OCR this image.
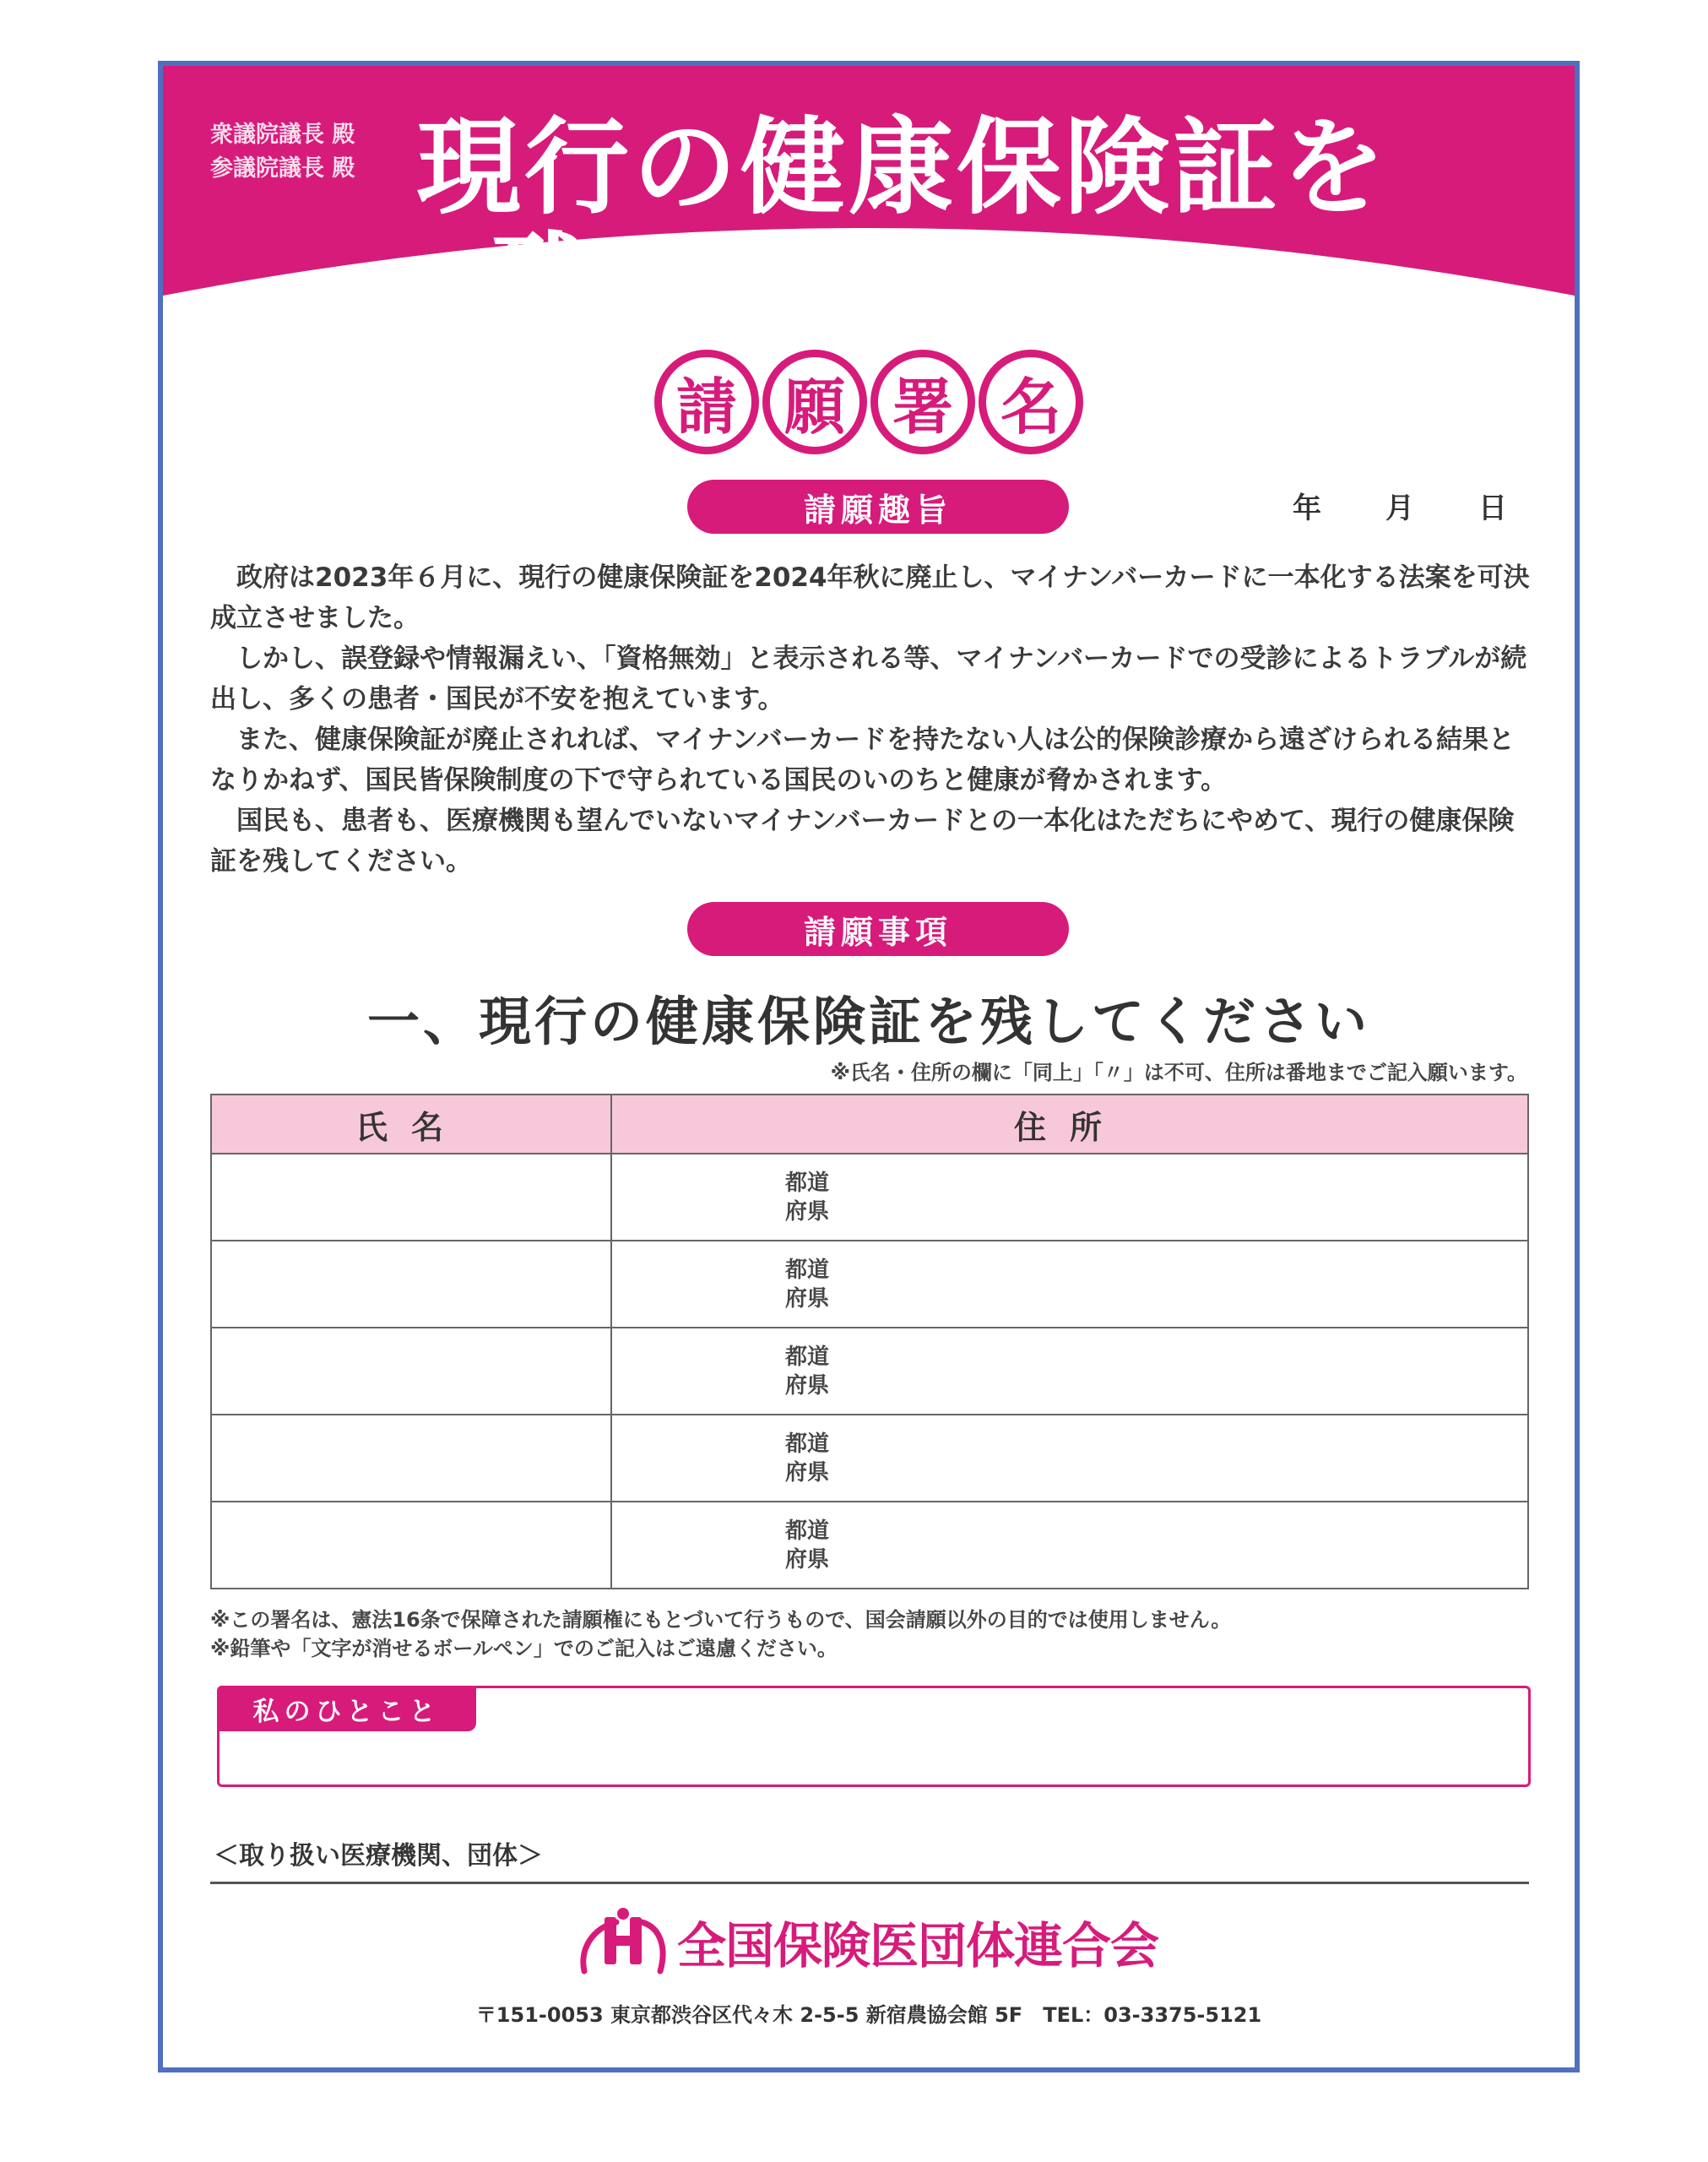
衆議院議長 殿
参議院議長 殿 現行の健康保険証を
残してください
請 願 署 名
請願趣旨	年	月	日

政府は2023年６月に、現行の健康保険証を2024年秋に廃止し、マイナンバーカードに一本化する法案を可決成立させました。

しかし、誤登録や情報漏えい、「資格無効」と表示される等、マイナンバーカードでの受診によるトラブルが続出し、多くの患者・国民が不安を抱えています。

また、健康保険証が廃止されれば、マイナンバーカードを持たない人は公的保険診療から遠ざけられる結果となりかねず、国民皆保険制度の下で守られている国民のいのちと健康が脅かされます。

国民も、患者も、医療機関も望んでいないマイナンバーカードとの一本化はただちにやめて、現行の健康保険証を残してください。

請願事項
一、現行の健康保険証を残してください
※氏名・住所の欄に「同上」「〃」は不可、住所は番地までご記入願います。
氏名	住所

	都道
府県

	都道
府県

	都道
府県

	都道
府県

	都道
府県
※この署名は、憲法16条で保障された請願権にもとづいて行うもので、国会請願以外の目的では使用しません。
※鉛筆や「文字が消せるボールペン」でのご記入はご遠慮ください。
私のひとこと
＜取り扱い医療機関、団体＞
全国保険医団体連合会
〒151-0053 東京都渋谷区代々木 2-5-5 新宿農協会館 5F　TEL：03-3375-5121
